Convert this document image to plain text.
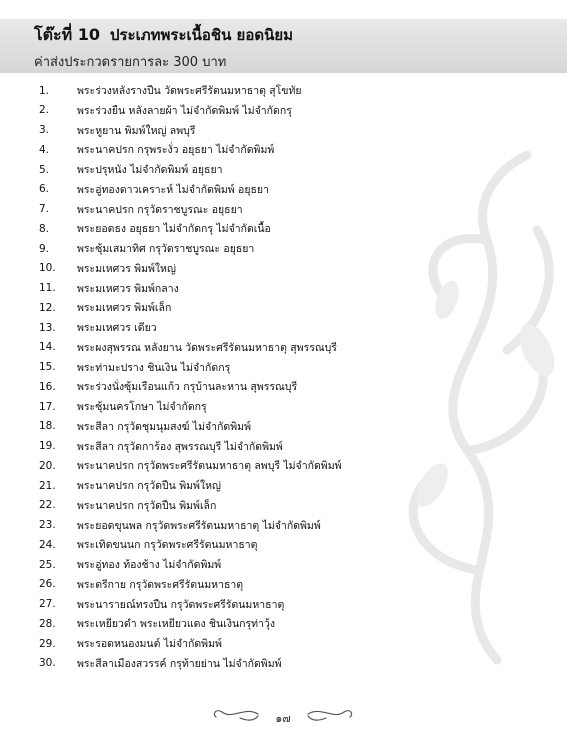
โต๊ะที่ 10 ประเภทพระเนื้อชิน ยอดนิยม
ค่าส่งประกวดรายการละ 300 บาท
1.	พระร่วงหลังรางปืน วัดพระศรีรัตนมหาธาตุ สุโขทัย
2.	พระร่วงยืน หลังลายผ้า ไม่จำกัดพิมพ์ ไม่จำกัดกรุ
3.	พระหูยาน พิมพ์ใหญ่ ลพบุรี
4.	พระนาคปรก กรุพระงั่ว อยุธยา ไม่จำกัดพิมพ์
5.	พระปรุหนัง ไม่จำกัดพิมพ์ อยุธยา
6.	พระอู่ทองดาวเคราะห์ ไม่จำกัดพิมพ์ อยุธยา
7.	พระนาคปรก กรุวัดราชบูรณะ อยุธยา
8.	พระยอดธง อยุธยา ไม่จำกัดกรุ ไม่จำกัดเนื้อ
9.	พระซุ้มเสมาทิศ กรุวัดราชบูรณะ อยุธยา
10.	พระมเหศวร พิมพ์ใหญ่
11.	พระมเหศวร พิมพ์กลาง
12.	พระมเหศวร พิมพ์เล็ก
13.	พระมเหศวร เดียว
14.	พระผงสุพรรณ หลังยาน วัดพระศรีรัตนมหาธาตุ สุพรรณบุรี
15.	พระท่ามะปราง ชินเงิน ไม่จำกัดกรุ
16.	พระร่วงนั่งซุ้มเรือนแก้ว กรุบ้านละหาน สุพรรณบุรี
17.	พระซุ้มนครโกษา ไม่จำกัดกรุ
18.	พระสีลา กรุวัดชุมนุมสงฆ์ ไม่จำกัดพิมพ์
19.	พระสีลา กรุวัดการ้อง สุพรรณบุรี ไม่จำกัดพิมพ์
20.	พระนาคปรก กรุวัดพระศรีรัตนมหาธาตุ ลพบุรี ไม่จำกัดพิมพ์
21.	พระนาคปรก กรุวัดปืน พิมพ์ใหญ่
22.	พระนาคปรก กรุวัดปืน พิมพ์เล็ก
23.	พระยอดขุนพล กรุวัดพระศรีรัตนมหาธาตุ ไม่จำกัดพิมพ์
24.	พระเทิดขนนก กรุวัดพระศรีรัตนมหาธาตุ
25.	พระอู่ทอง ท้องช้าง ไม่จำกัดพิมพ์
26.	พระตรีกาย กรุวัดพระศรีรัตนมหาธาตุ
27.	พระนารายณ์ทรงปืน กรุวัดพระศรีรัตนมหาธาตุ
28.	พระเหยียวดำ พระเหยียวแดง ชินเงินกรุท่าวุ้ง
29.	พระรอดหนองมนต์ ไม่จำกัดพิมพ์
30.	พระสีลาเมืองสวรรค์ กรุท้ายย่าน ไม่จำกัดพิมพ์
๑๗
